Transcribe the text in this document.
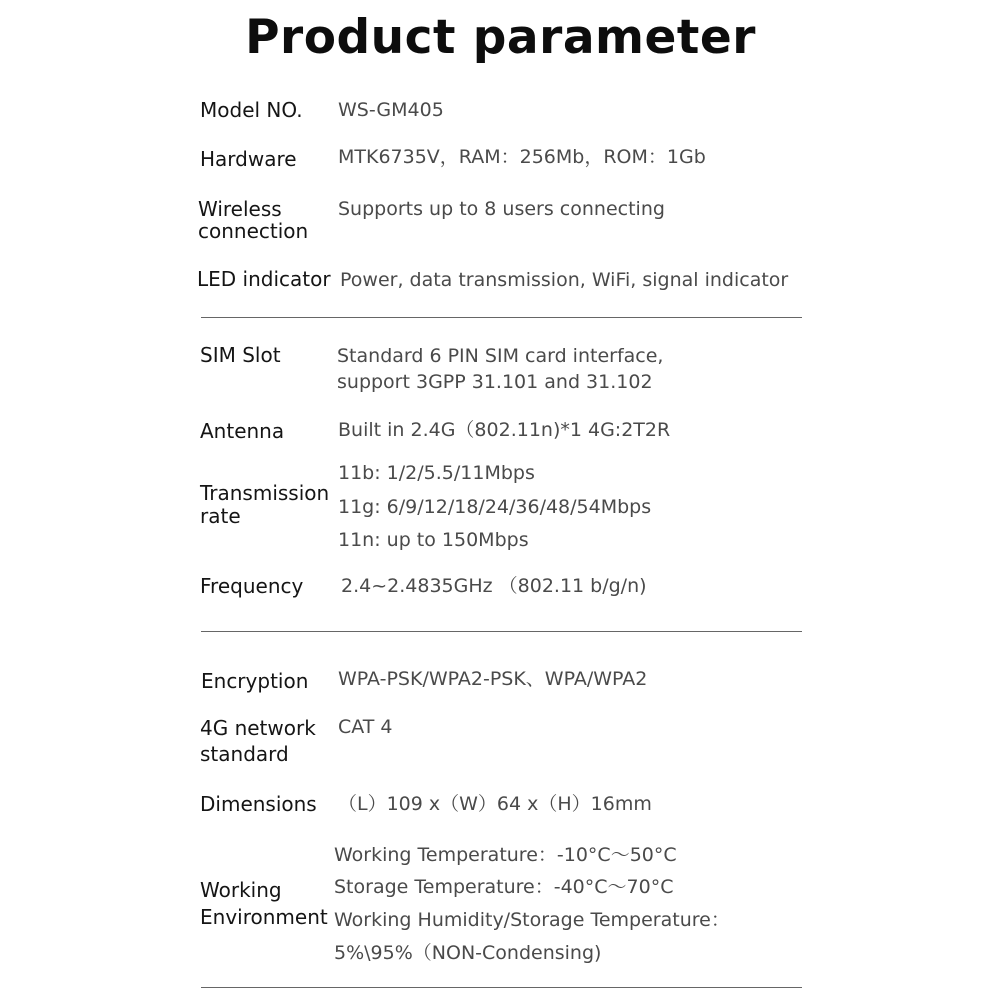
Product parameter
Model NO. WS-GM405
Hardware MTK6735V，RAM：256Mb，ROM：1Gb
Wireless
connection
Supports up to 8 users connecting
LED indicator Power, data transmission, WiFi, signal indicator
SIM Slot	Standard 6 PIN SIM card interface,
support 3GPP 31.101 and 31.102
Antenna	Built in 2.4G（802.11n)*1 4G:2T2R
Transmission
rate
11b: 1/2/5.5/11Mbps
11g: 6/9/12/18/24/36/48/54Mbps
11n: up to 150Mbps
Frequency 2.4~2.4835GHz （802.11 b/g/n)
Encryption WPA-PSK/WPA2-PSK、WPA/WPA2
4G network
standard
CAT 4
Dimensions （L）109 x（W）64 x（H）16mm
Working
Environment
Working Temperature：-10°C～50°C
Storage Temperature：-40°C～70°C
Working Humidity/Storage Temperature：
5%\95%（NON-Condensing)
